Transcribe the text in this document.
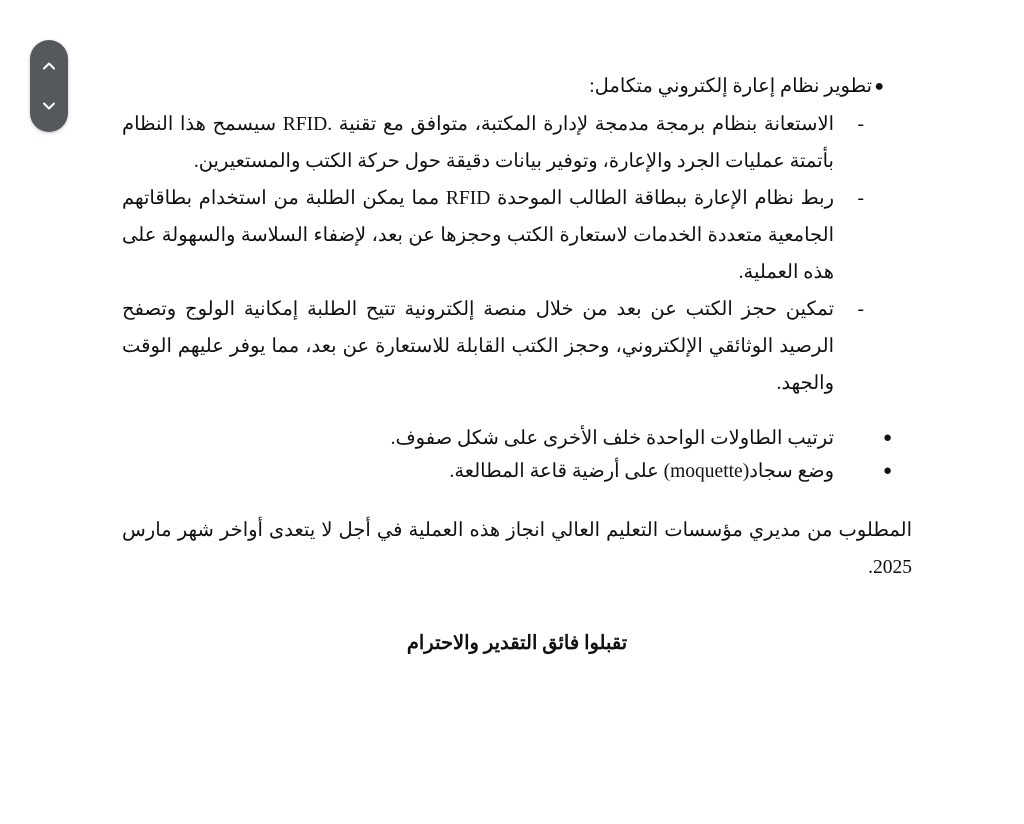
●
تطوير نظام إعارة إلكتروني متكامل:
-
الاستعانة بنظام برمجة مدمجة لإدارة المكتبة، متوافق مع تقنية .RFID سيسمح هذا النظام بأتمتة عمليات الجرد والإعارة، وتوفير بيانات دقيقة حول حركة الكتب والمستعيرين.
-
ربط نظام الإعارة ببطاقة الطالب الموحدة RFID مما يمكن الطلبة من استخدام بطاقاتهم الجامعية متعددة الخدمات لاستعارة الكتب وحجزها عن بعد، لإضفاء السلاسة والسهولة على هذه العملية.
-
تمكين حجز الكتب عن بعد من خلال منصة إلكترونية تتيح الطلبة إمكانية الولوج وتصفح الرصيد الوثائقي الإلكتروني، وحجز الكتب القابلة للاستعارة عن بعد، مما يوفر عليهم الوقت والجهد.
●
ترتيب الطاولات الواحدة خلف الأخرى على شكل صفوف.
●
وضع سجاد(moquette) على أرضية قاعة المطالعة.
المطلوب من مديري مؤسسات التعليم العالي انجاز هذه العملية في أجل لا يتعدى أواخر شهر مارس 2025.
تقبلوا فائق التقدير والاحترام
